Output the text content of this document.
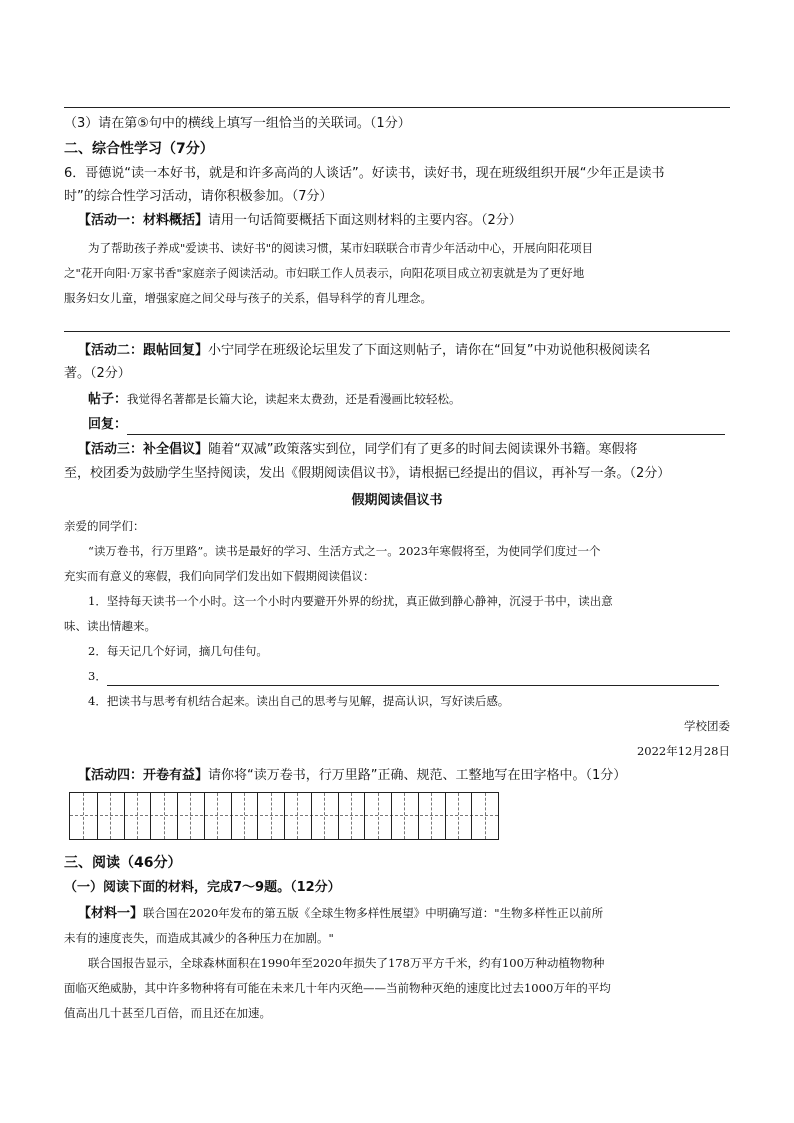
（3）请在第⑤句中的横线上填写一组恰当的关联词。（1分）
二、综合性学习（7分）
6．哥德说“读一本好书，就是和许多高尚的人谈话”。好读书，读好书，现在班级组织开展“少年正是读书
时”的综合性学习活动，请你积极参加。（7分）
【活动一：材料概括】请用一句话简要概括下面这则材料的主要内容。（2分）
为了帮助孩子养成"爱读书、读好书"的阅读习惯，某市妇联联合市青少年活动中心，开展向阳花项目
之"花开向阳·万家书香"家庭亲子阅读活动。市妇联工作人员表示，向阳花项目成立初衷就是为了更好地
服务妇女儿童，增强家庭之间父母与孩子的关系，倡导科学的育儿理念。
【活动二：跟帖回复】小宁同学在班级论坛里发了下面这则帖子，请你在“回复”中劝说他积极阅读名
著。（2分）
帖子：我觉得名著都是长篇大论，读起来太费劲，还是看漫画比较轻松。
回复：
【活动三：补全倡议】随着“双减”政策落实到位，同学们有了更多的时间去阅读课外书籍。寒假将
至，校团委为鼓励学生坚持阅读，发出《假期阅读倡议书》，请根据已经提出的倡议，再补写一条。（2分）
假期阅读倡议书
亲爱的同学们：
“读万卷书，行万里路”。读书是最好的学习、生活方式之一。2023年寒假将至，为使同学们度过一个
充实而有意义的寒假，我们向同学们发出如下假期阅读倡议：
1．坚持每天读书一个小时。这一个小时内要避开外界的纷扰，真正做到静心静神，沉浸于书中，读出意
味、读出情趣来。
2．每天记几个好词，摘几句佳句。
3．
4．把读书与思考有机结合起来。读出自己的思考与见解，提高认识，写好读后感。
学校团委
2022年12月28日
【活动四：开卷有益】请你将“读万卷书，行万里路”正确、规范、工整地写在田字格中。（1分）
三、阅读（46分）
（一）阅读下面的材料，完成7～9题。（12分）
【材料一】联合国在2020年发布的第五版《全球生物多样性展望》中明确写道："生物多样性正以前所
未有的速度丧失，而造成其减少的各种压力在加剧。"
联合国报告显示，全球森林面积在1990年至2020年损失了178万平方千米，约有100万种动植物物种
面临灭绝威胁，其中许多物种将有可能在未来几十年内灭绝——当前物种灭绝的速度比过去1000万年的平均
值高出几十甚至几百倍，而且还在加速。
